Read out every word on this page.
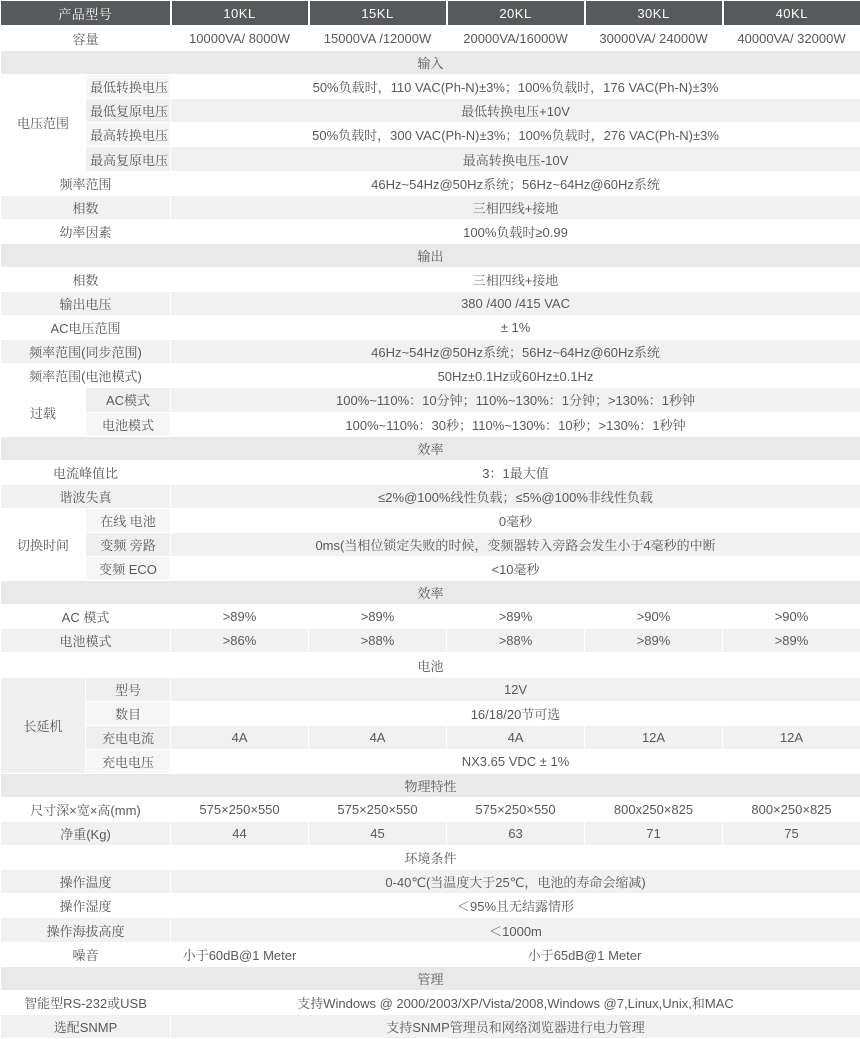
产品型号		10KL	15KL	20KL	30KL	40KL
容量		10000VA/ 8000W	15000VA /12000W	20000VA/16000W	30000VA/ 24000W	40000VA/ 32000W
输入						
电压范围	最低转换电压	50%负载时，110 VAC(Ph-N)±3%；100%负载时，176 VAC(Ph-N)±3%				
	最低复原电压	最低转换电压+10V				
	最高转换电压	50%负载时，300 VAC(Ph-N)±3%；100%负载时，276 VAC(Ph-N)±3%				
	最高复原电压	最高转换电压-10V				
频率范围		46Hz~54Hz@50Hz系统；56Hz~64Hz@60Hz系统				
相数		三相四线+接地				
幼率因素		100%负载时≥0.99				
输出						
相数		三相四线+接地				
输出电压		380 /400 /415 VAC				
AC电压范围		± 1%				
频率范围(同步范围)		46Hz~54Hz@50Hz系统；56Hz~64Hz@60Hz系统				
频率范围(电池模式)		50Hz±0.1Hz或60Hz±0.1Hz				
过载	AC模式	100%~110%：10分钟；110%~130%：1分钟；>130%：1秒钟				
	电池模式	100%~110%：30秒；110%~130%：10秒；>130%：1秒钟				
效率						
电流峰值比		3：1最大值				
谐波失真		≤2%@100%线性负载；≤5%@100%非线性负载				
切换时间	在线 电池	0毫秒				
	变频 旁路	0ms(当相位锁定失败的时候，变频器转入旁路会发生小于4毫秒的中断				
	变频 ECO	<10毫秒				
效率						
AC 模式		>89%	>89%	>89%	>90%	>90%
电池模式		>86%	>88%	>88%	>89%	>89%
电池						
长延机	型号	12V				
	数目	16/18/20节可选				
	充电电流	4A	4A	4A	12A	12A
	充电电压	NX3.65 VDC ± 1%				
物理特性						
尺寸深×宽×高(mm)		575×250×550	575×250×550	575×250×550	800x250×825	800×250×825
净重(Kg)		44	45	63	71	75
环境条件						
操作温度		0-40℃(当温度大于25℃，电池的寿命会缩减)				
操作湿度		＜95%且无结露情形				
操作海拔高度		＜1000m				
噪音		小于60dB@1 Meter	小于65dB@1 Meter			
管理						
智能型RS-232或USB		支持Windows @ 2000/2003/XP/Vista/2008,Windows @7,Linux,Unix,和MAC				
选配SNMP		支持SNMP管理员和网络浏览器进行电力管理				
